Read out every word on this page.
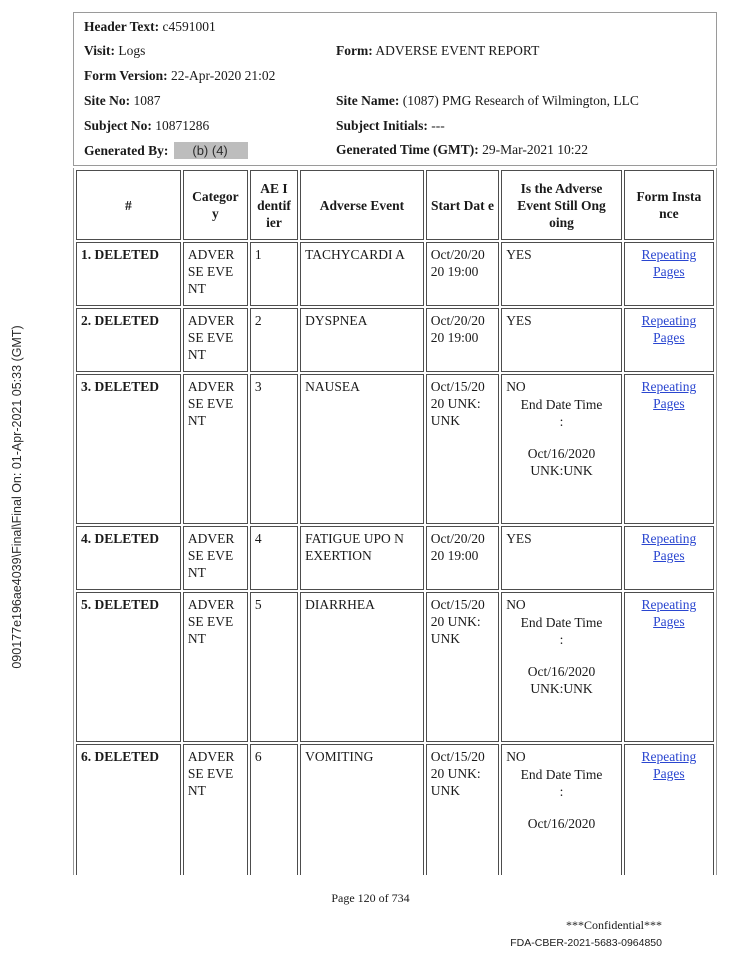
090177e196ae4039\Final\Final On: 01-Apr-2021 05:33 (GMT)
Header Text: c4591001
Visit: Logs	Form: ADVERSE EVENT REPORT
Form Version: 22-Apr-2020 21:02
Site No: 1087	Site Name: (1087) PMG Research of Wilmington, LLC
Subject No: 10871286	Subject Initials: ---
Generated By: (b) (4)	Generated Time (GMT): 29-Mar-2021 10:22
#	Categor y	AE I dentif ier	Adverse Event	Start Dat e	Is the Adverse Event Still Ong oing	Form Insta nce
1. DELETED	ADVER SE EVE NT	1	TACHYCARDI A	Oct/20/20 20 19:00	YES	Repeating Pages

2. DELETED	ADVER SE EVE NT	2	DYSPNEA	Oct/20/20 20 19:00	YES	Repeating Pages

3. DELETED	ADVER SE EVE NT	3	NAUSEA	Oct/15/20 20 UNK: UNK	NO
End Date Time
:
Oct/16/2020
UNK:UNK	Repeating Pages

4. DELETED	ADVER SE EVE NT	4	FATIGUE UPO N EXERTION	Oct/20/20 20 19:00	YES	Repeating Pages

5. DELETED	ADVER SE EVE NT	5	DIARRHEA	Oct/15/20 20 UNK: UNK	NO
End Date Time
:
Oct/16/2020
UNK:UNK	Repeating Pages

6. DELETED	ADVER SE EVE NT	6	VOMITING	Oct/15/20 20 UNK: UNK	NO
End Date Time
:
Oct/16/2020	Repeating Pages
Page 120 of 734
***Confidential***
FDA-CBER-2021-5683-0964850
